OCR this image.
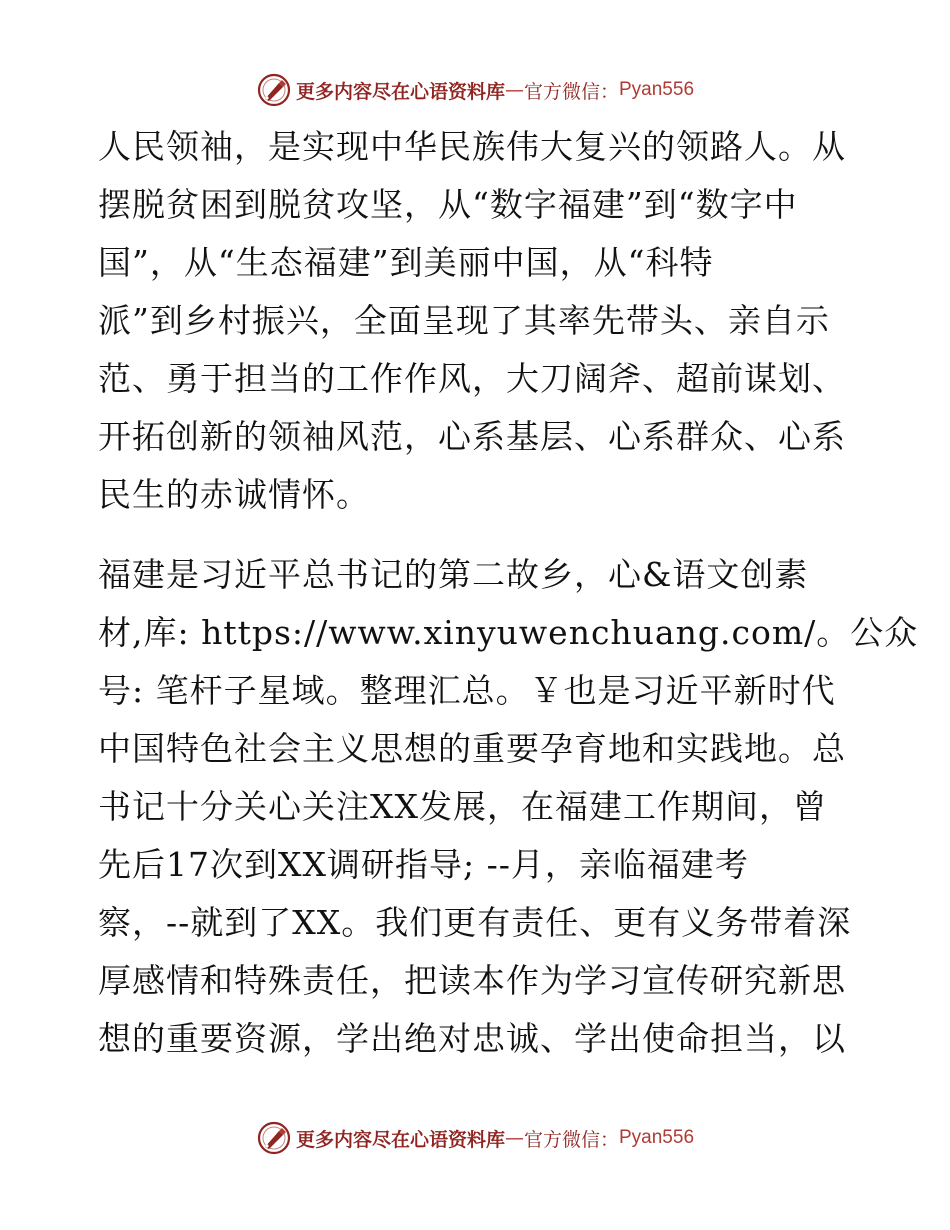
更多内容尽在心语资料库 — 官方微信： Pyan556
人民领袖，是实现中华民族伟大复兴的领路人。从
摆脱贫困到脱贫攻坚，从“数字福建”到“数字中
国”，从“生态福建”到美丽中国，从“科特
派”到乡村振兴，全面呈现了其率先带头、亲自示
范、勇于担当的工作作风，大刀阔斧、超前谋划、
开拓创新的领袖风范，心系基层、心系群众、心系
民生的赤诚情怀。
福建是习近平总书记的第二故乡，心&语文创素
材,库: https://www.xinyuwenchuang.com/。公众
号: 笔杆子星域。整理汇总。￥也是习近平新时代
中国特色社会主义思想的重要孕育地和实践地。总
书记十分关心关注XX发展，在福建工作期间，曾
先后17次到XX调研指导; --月，亲临福建考
察，--就到了XX。我们更有责任、更有义务带着深
厚感情和特殊责任，把读本作为学习宣传研究新思
想的重要资源，学出绝对忠诚、学出使命担当，以
更多内容尽在心语资料库 — 官方微信： Pyan556
